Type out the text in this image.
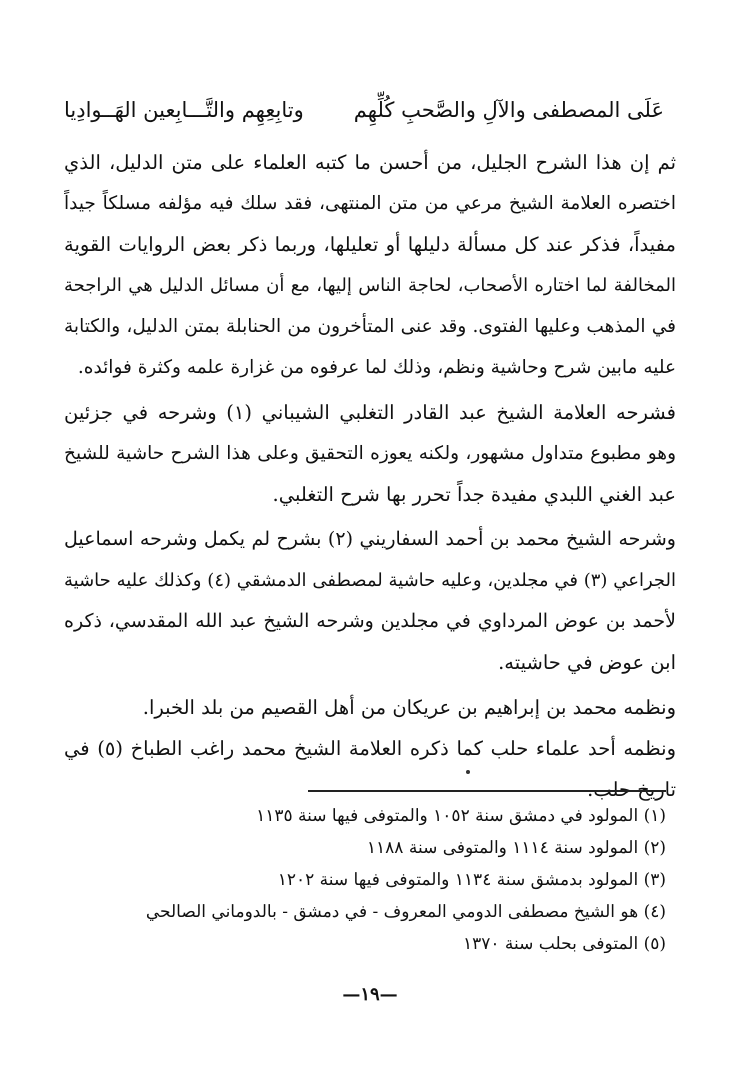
عَلَى المصطفى والآلِ والصَّحبِ كُلِّهِم
وتابِعِهِم والتَّـــابِعين الهَــوادِيا
ثم إن هذا الشرح الجليل، من أحسن ما كتبه العلماء على متن الدليل، الذي
اختصره العلامة الشيخ مرعي من متن المنتهى، فقد سلك فيه مؤلفه مسلكاً جيداً
مفيداً، فذكر عند كل مسألة دليلها أو تعليلها، وربما ذكر بعض الروايات القوية
المخالفة لما اختاره الأصحاب، لحاجة الناس إليها، مع أن مسائل الدليل هي الراجحة
في المذهب وعليها الفتوى. وقد عنى المتأخرون من الحنابلة بمتن الدليل، والكتابة
عليه مابين شرح وحاشية ونظم، وذلك لما عرفوه من غزارة علمه وكثرة فوائده.
فشرحه العلامة الشيخ عبد القادر التغلبي الشيباني (١) وشرحه في جزئين
وهو مطبوع متداول مشهور، ولكنه يعوزه التحقيق وعلى هذا الشرح حاشية للشيخ
عبد الغني اللبدي مفيدة جداً تحرر بها شرح التغلبي.
وشرحه الشيخ محمد بن أحمد السفاريني (٢) بشرح لم يكمل وشرحه اسماعيل
الجراعي (٣) في مجلدين، وعليه حاشية لمصطفى الدمشقي (٤) وكذلك عليه حاشية
لأحمد بن عوض المرداوي في مجلدين وشرحه الشيخ عبد الله المقدسي، ذكره
ابن عوض في حاشيته.
ونظمه محمد بن إبراهيم بن عريكان من أهل القصيم من بلد الخبرا.
ونظمه أحد علماء حلب كما ذكره العلامة الشيخ محمد راغب الطباخ (٥) في
تاريخ حلب.
(١) المولود في دمشق سنة ١٠٥٢ والمتوفى فيها سنة ١١٣٥
(٢) المولود سنة ١١١٤ والمتوفى سنة ١١٨٨
(٣) المولود بدمشق سنة ١١٣٤ والمتوفى فيها سنة ١٢٠٢
(٤) هو الشيخ مصطفى الدومي المعروف - في دمشق - بالدوماني الصالحي
(٥) المتوفى بحلب سنة ١٣٧٠
—١٩—
